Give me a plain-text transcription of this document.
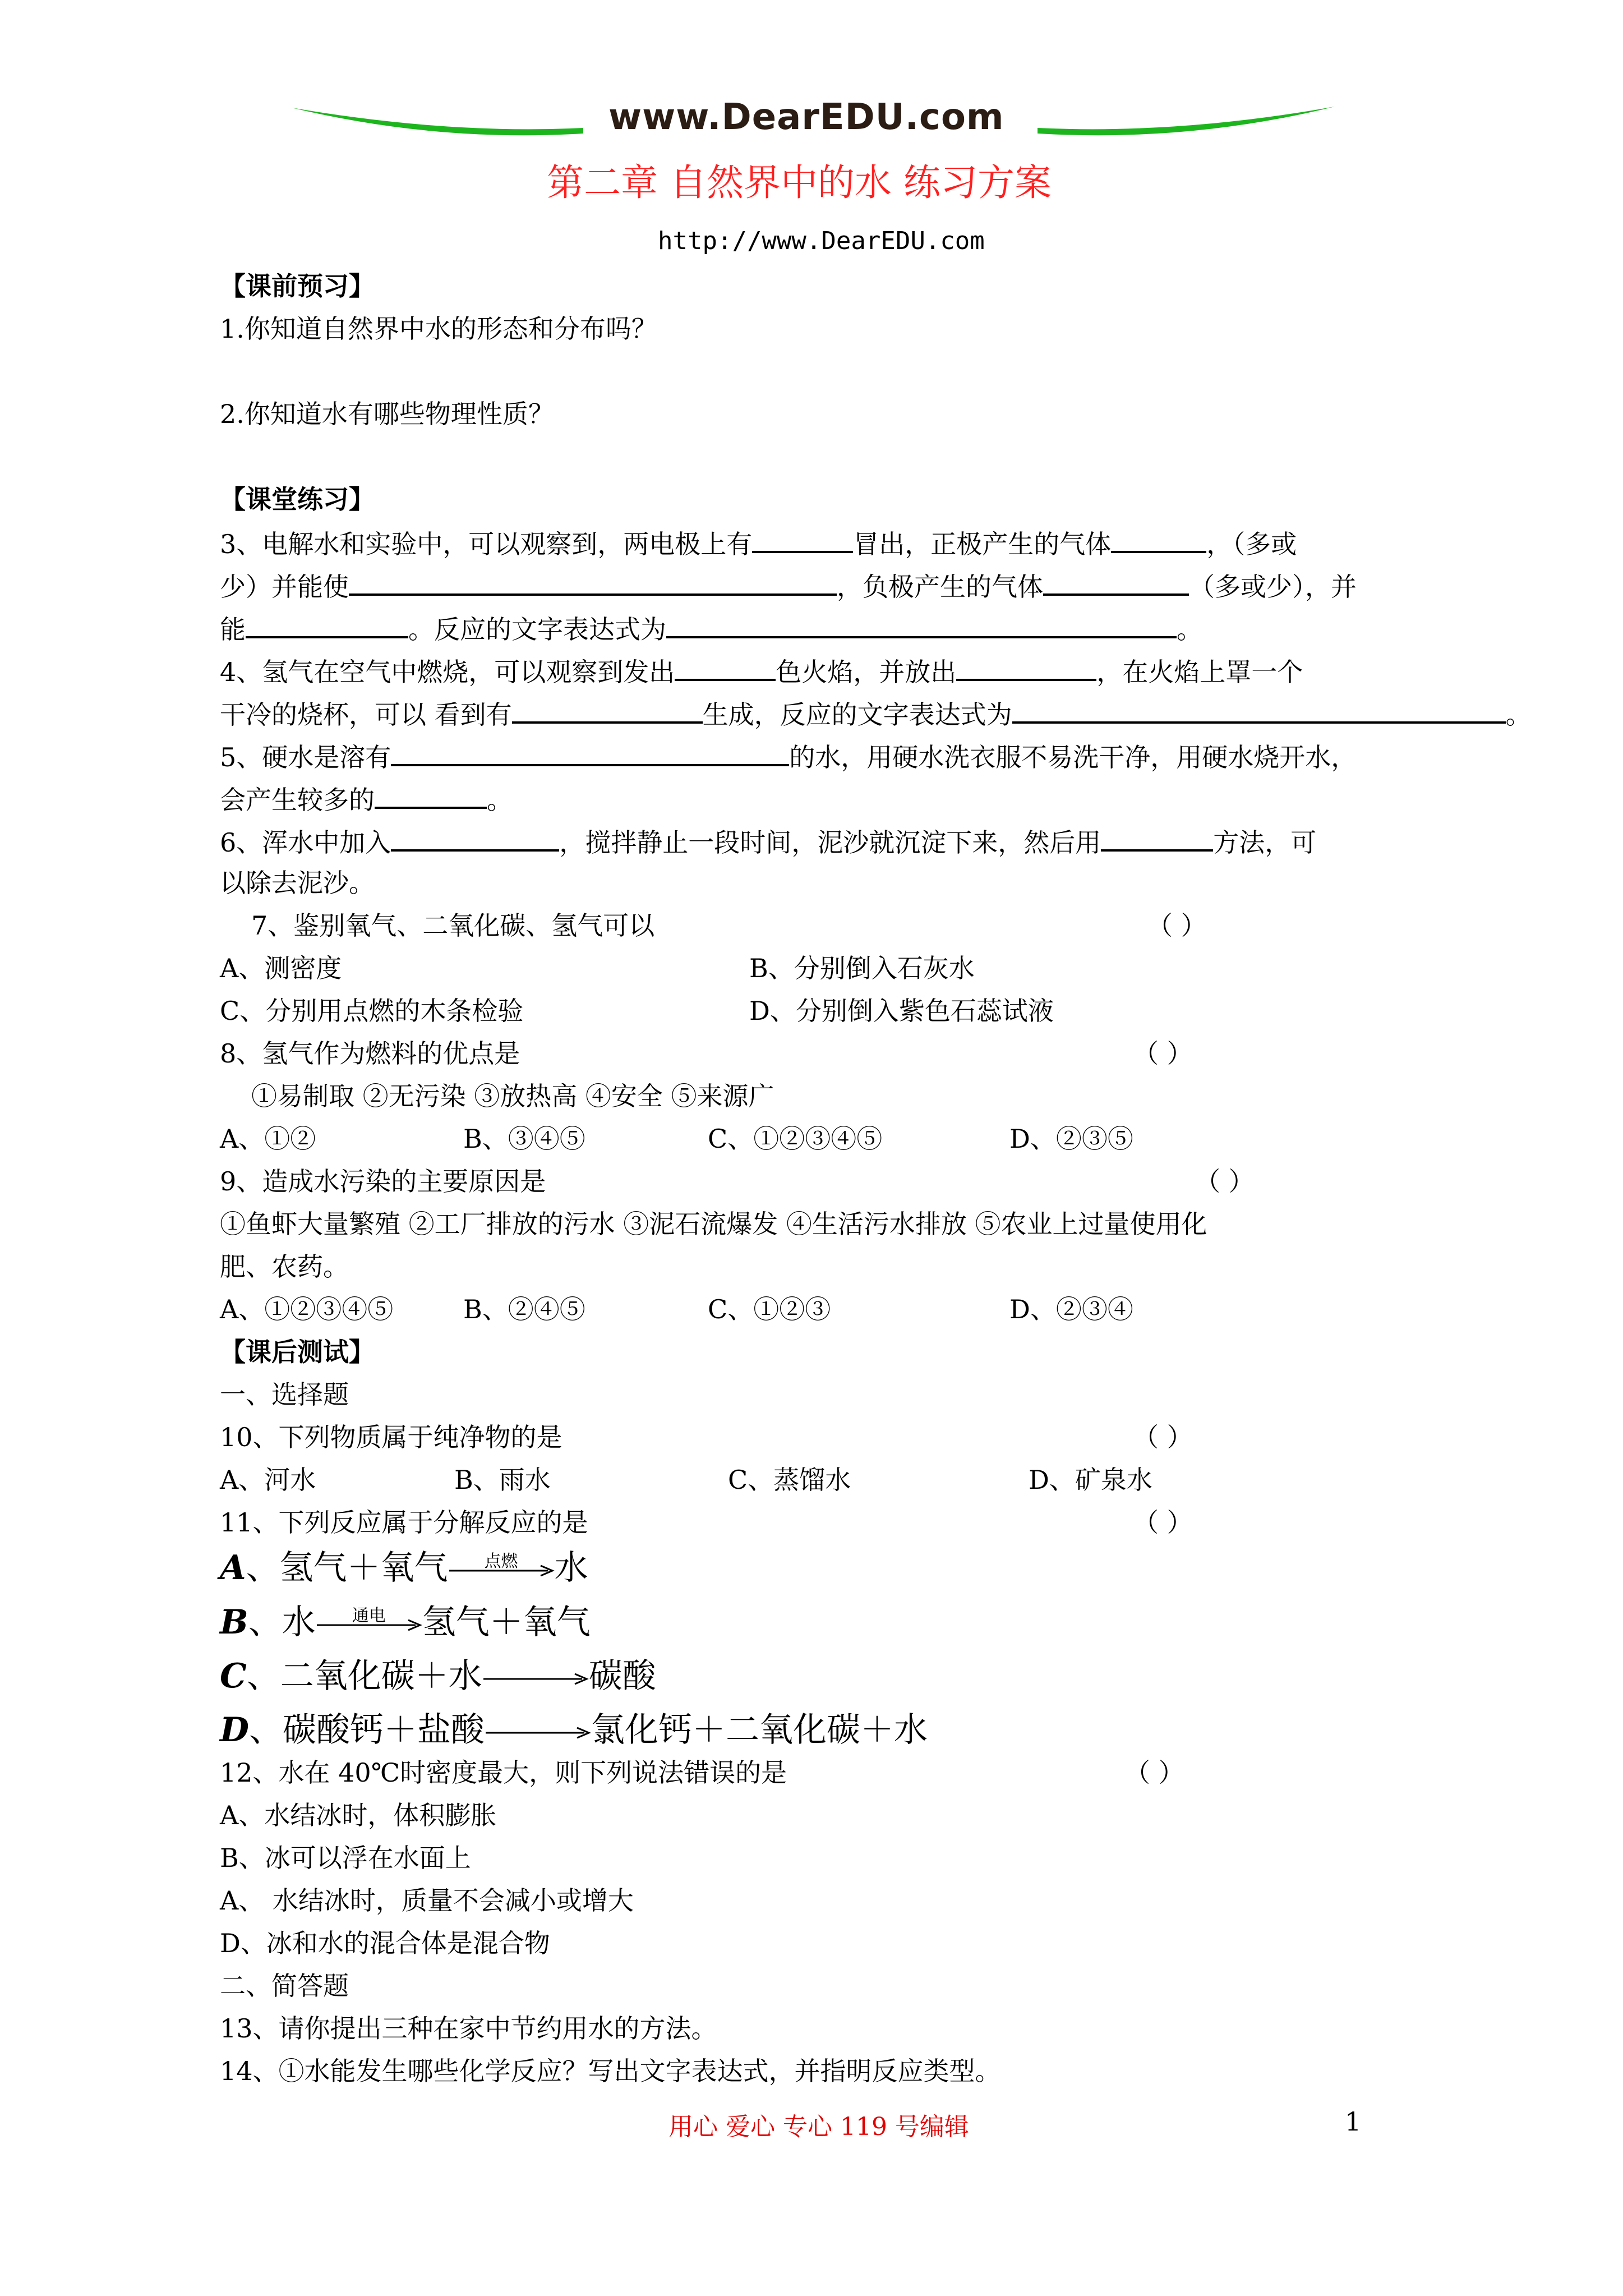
www.DearEDU.com
第二章 自然界中的水 练习方案
http://www.DearEDU.com
【课前预习】
1.你知道自然界中水的形态和分布吗？
2.你知道水有哪些物理性质？
【课堂练习】
3、电解水和实验中，可以观察到，两电极上有	冒出，正极产生的气体	，（多或
少）并能使	，负极产生的气体	（多或少），并
能	。反应的文字表达式为	。
4、氢气在空气中燃烧，可以观察到发出	色火焰，并放出	，在火焰上罩一个
干冷的烧杯，可以 看到有	生成，反应的文字表达式为	。
5、硬水是溶有	的水，用硬水洗衣服不易洗干净，用硬水烧开水，
会产生较多的	。
6、浑水中加入	，搅拌静止一段时间，泥沙就沉淀下来，然后用	方法，可
以除去泥沙。
7、鉴别氧气、二氧化碳、氢气可以	（ ）
A、测密度	B、分别倒入石灰水
C、分别用点燃的木条检验	D、分别倒入紫色石蕊试液
8、氢气作为燃料的优点是	（ ）
①易制取 ②无污染 ③放热高 ④安全 ⑤来源广
A、①②	B、③④⑤	C、①②③④⑤	D、②③⑤
9、造成水污染的主要原因是	（ ）
①鱼虾大量繁殖 ②工厂排放的污水 ③泥石流爆发 ④生活污水排放 ⑤农业上过量使用化
肥、农药。
A、①②③④⑤	B、②④⑤	C、①②③	D、②③④
【课后测试】
一、选择题
10、下列物质属于纯净物的是	（ ）
A、河水	B、雨水	C、蒸馏水	D、矿泉水
11、下列反应属于分解反应的是	（ ）
A、氢气＋氧气	点燃	水
B、水	通电	氢气＋氧气
C、二氧化碳＋水→碳酸
D、碳酸钙＋盐酸→氯化钙＋二氧化碳＋水
12、水在 40℃时密度最大，则下列说法错误的是	（ ）
A、水结冰时，体积膨胀
B、冰可以浮在水面上
A、 水结冰时，质量不会减小或增大
D、冰和水的混合体是混合物
二、简答题
13、请你提出三种在家中节约用水的方法。
14、①水能发生哪些化学反应？写出文字表达式，并指明反应类型。
用心 爱心 专心 119 号编辑	1
